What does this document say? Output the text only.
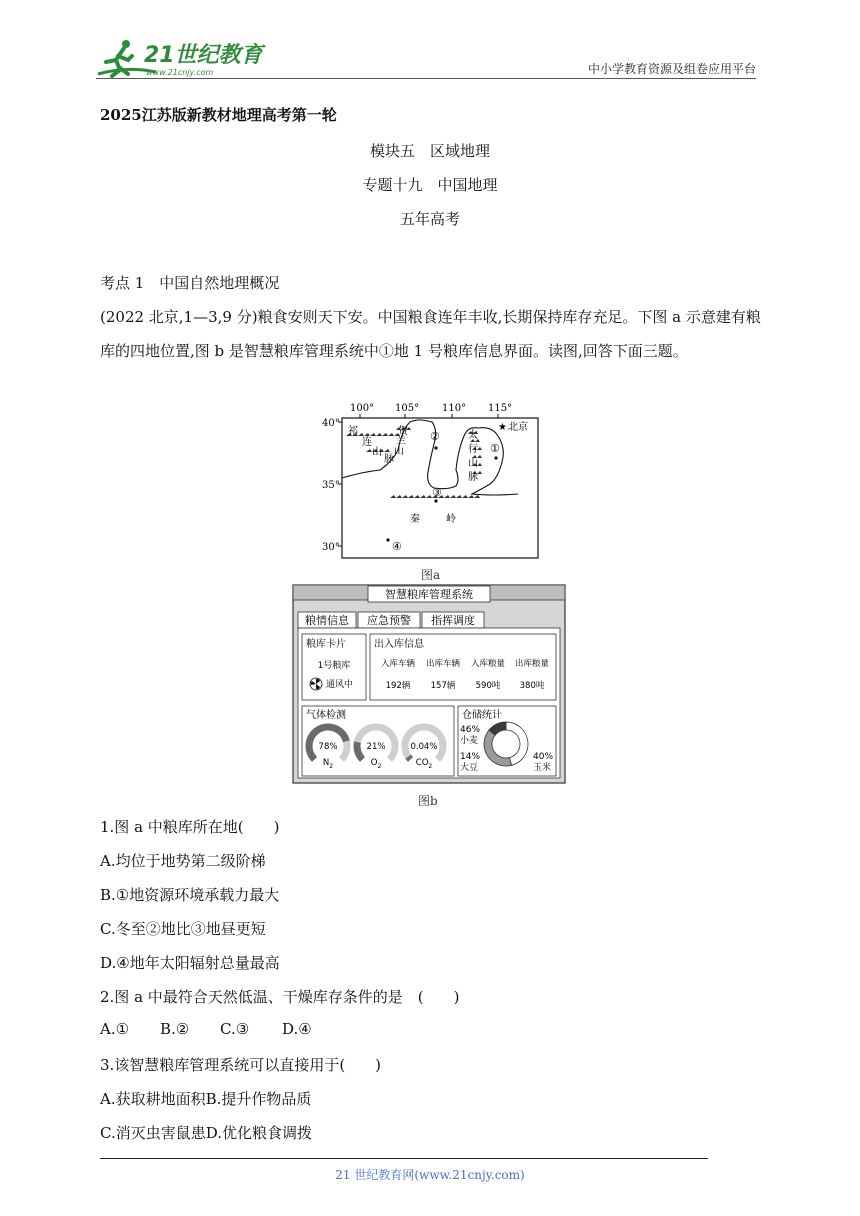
21世纪教育
www.21cnjy.com	中小学教育资源及组卷应用平台
2025江苏版新教材地理高考第一轮
模块五　区域地理
专题十九　中国地理
五年高考
考点 1　中国自然地理概况
(2022 北京,1—3,9 分)粮食安则天下安。中国粮食连年丰收,长期保持库存充足。下图 a 示意建有粮库的四地位置,图 b 是智慧粮库管理系统中①地 1 号粮库信息界面。读图,回答下面三题。
100° 105° 110° 115°
40°
35°
30°
祁
连
山
脉
贺
兰
山
太
行
山
脉
秦	岭
★ 北京
①
②
③
④
图a
智慧粮库管理系统
粮情信息 应急预警 指挥调度
粮库卡片
1号粮库
通风中
出入库信息
入库车辆 出库车辆 入库粮量 出库粮量
192辆 157辆 590吨 380吨
气体检测
78%
$N_2$
21%
$O_2$
0.04%
$CO_2$
仓储统计
46%
小麦
40%
玉米
14%
大豆
图b
1.图 a 中粮库所在地(　　)
A.均位于地势第二级阶梯
B.①地资源环境承载力最大
C.冬至②地比③地昼更短
D.④地年太阳辐射总量最高
2.图 a 中最符合天然低温、干燥库存条件的是　(　　)
A.① B.② C.③ D.④
3.该智慧粮库管理系统可以直接用于(　　)
A.获取耕地面积B.提升作物品质
C.消灭虫害鼠患D.优化粮食调拨
21 世纪教育网(www.21cnjy.com)
